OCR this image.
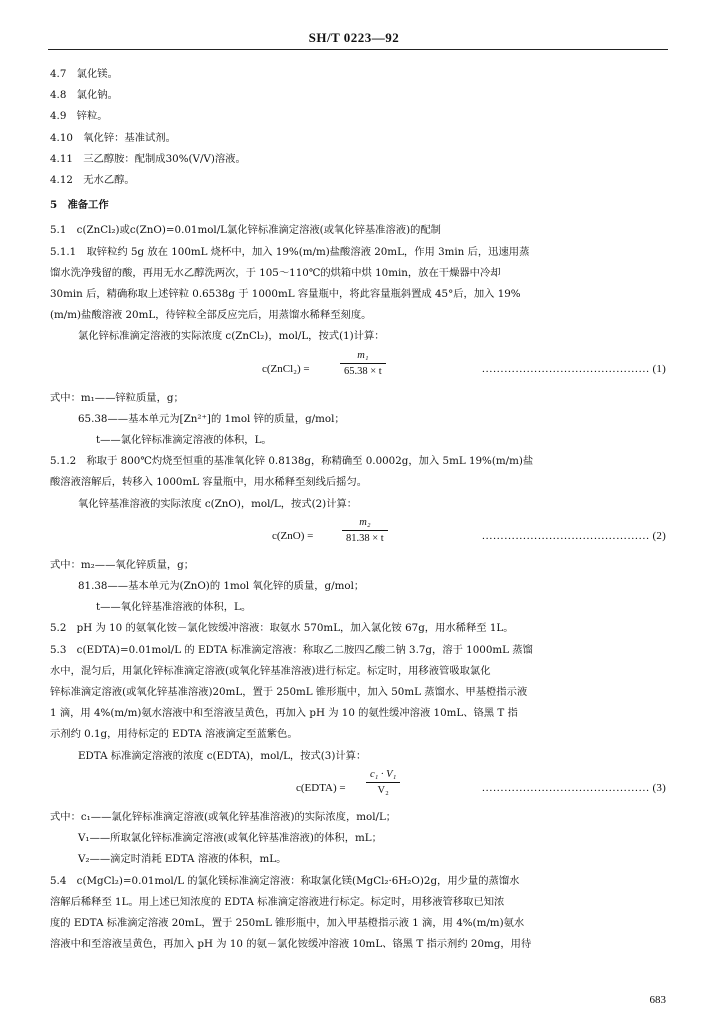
SH/T 0223—92

4.7　氯化镁。

4.8　氯化钠。

4.9　锌粒。

4.10　氧化锌：基准试剂。

4.11　三乙醇胺：配制成30%(V/V)溶液。

4.12　无水乙醇。

5　准备工作

5.1　c(ZnCl₂)或c(ZnO)=0.01mol/L氯化锌标准滴定溶液(或氧化锌基准溶液)的配制

5.1.1　取锌粒约 5g 放在 100mL 烧杯中，加入 19%(m/m)盐酸溶液 20mL，作用 3min 后，迅速用蒸

馏水洗净残留的酸，再用无水乙醇洗两次，于 105～110℃的烘箱中烘 10min，放在干燥器中冷却

30min 后，精确称取上述锌粒 0.6538g 于 1000mL 容量瓶中，将此容量瓶斜置成 45°后，加入 19%

(m/m)盐酸溶液 20mL，待锌粒全部反应完后，用蒸馏水稀释至刻度。

氯化锌标准滴定溶液的实际浓度 c(ZnCl₂)，mol/L，按式(1)计算：

c(ZnCl₂) =	$\frac{\text{m₁}}{65.38 \times t}$	……………………………………… (1)

式中：m₁——锌粒质量，g；

65.38——基本单元为[Zn²⁺]的 1mol 锌的质量，g/mol；

t——氯化锌标准滴定溶液的体积，L。

5.1.2　称取于 800℃灼烧至恒重的基准氧化锌 0.8138g，称精确至 0.0002g，加入 5mL 19%(m/m)盐

酸溶液溶解后，转移入 1000mL 容量瓶中，用水稀释至刻线后摇匀。

氧化锌基准溶液的实际浓度 c(ZnO)，mol/L，按式(2)计算：

c(ZnO) =	$\frac{\text{m₂}}{81.38 \times t}$	……………………………………… (2)

式中：m₂——氧化锌质量，g；

81.38——基本单元为(ZnO)的 1mol 氧化锌的质量，g/mol；

t——氧化锌基准溶液的体积，L。

5.2　pH 为 10 的氨氧化铵－氯化铵缓冲溶液：取氨水 570mL，加入氯化铵 67g，用水稀释至 1L。

5.3　c(EDTA)=0.01mol/L 的 EDTA 标准滴定溶液：称取乙二胺四乙酸二钠 3.7g，溶于 1000mL 蒸馏

水中，混匀后，用氯化锌标准滴定溶液(或氧化锌基准溶液)进行标定。标定时，用移液管吸取氯化

锌标准滴定溶液(或氧化锌基准溶液)20mL，置于 250mL 锥形瓶中，加入 50mL 蒸馏水、甲基橙指示液

1 滴，用 4%(m/m)氨水溶液中和至溶液呈黄色，再加入 pH 为 10 的氨性缓冲溶液 10mL、铬黑 T 指

示剂约 0.1g，用待标定的 EDTA 溶液滴定至蓝紫色。

EDTA 标准滴定溶液的浓度 c(EDTA)，mol/L，按式(3)计算：

c(EDTA) = $\frac{\text{c₁ · V₁}}{\text{V₂}}$	……………………………………… (3)

式中：c₁——氯化锌标准滴定溶液(或氧化锌基准溶液)的实际浓度，mol/L；

V₁——所取氯化锌标准滴定溶液(或氧化锌基准溶液)的体积，mL；

V₂——滴定时消耗 EDTA 溶液的体积，mL。

5.4　c(MgCl₂)=0.01mol/L 的氯化镁标准滴定溶液：称取氯化镁(MgCl₂·6H₂O)2g，用少量的蒸馏水

溶解后稀释至 1L。用上述已知浓度的 EDTA 标准滴定溶液进行标定。标定时，用移液管移取已知浓

度的 EDTA 标准滴定溶液 20mL，置于 250mL 锥形瓶中，加入甲基橙指示液 1 滴，用 4%(m/m)氨水

溶液中和至溶液呈黄色，再加入 pH 为 10 的氨－氯化铵缓冲溶液 10mL、铬黑 T 指示剂约 20mg，用待

683
